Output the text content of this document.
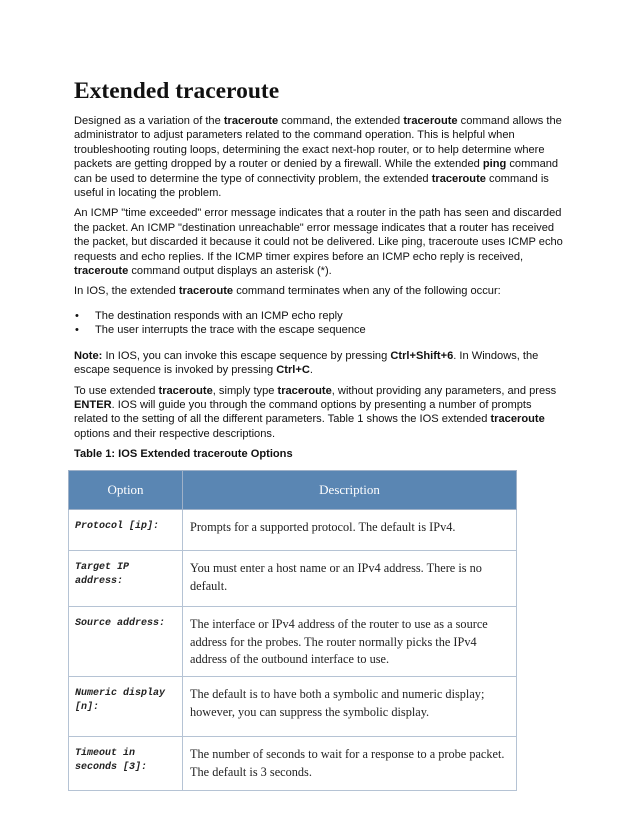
Extended traceroute

Designed as a variation of the traceroute command, the extended traceroute command allows the administrator to adjust parameters related to the command operation. This is helpful when troubleshooting routing loops, determining the exact next-hop router, or to help determine where packets are getting dropped by a router or denied by a firewall. While the extended ping command can be used to determine the type of connectivity problem, the extended traceroute command is useful in locating the problem.

An ICMP "time exceeded" error message indicates that a router in the path has seen and discarded the packet. An ICMP "destination unreachable" error message indicates that a router has received the packet, but discarded it because it could not be delivered. Like ping, traceroute uses ICMP echo requests and echo replies. If the ICMP timer expires before an ICMP echo reply is received, traceroute command output displays an asterisk (*).

In IOS, the extended traceroute command terminates when any of the following occur:

• The destination responds with an ICMP echo reply
• The user interrupts the trace with the escape sequence

Note: In IOS, you can invoke this escape sequence by pressing Ctrl+Shift+6. In Windows, the escape sequence is invoked by pressing Ctrl+C.

To use extended traceroute, simply type traceroute, without providing any parameters, and press ENTER. IOS will guide you through the command options by presenting a number of prompts related to the setting of all the different parameters. Table 1 shows the IOS extended traceroute options and their respective descriptions.

Table 1: IOS Extended traceroute Options
Option	Description
Protocol [ip]:	Prompts for a supported protocol. The default is IPv4.
Target IP address:	You must enter a host name or an IPv4 address. There is no default.
Source address:	The interface or IPv4 address of the router to use as a source address for the probes. The router normally picks the IPv4 address of the outbound interface to use.
Numeric display [n]:	The default is to have both a symbolic and numeric display; however, you can suppress the symbolic display.
Timeout in seconds [3]:	The number of seconds to wait for a response to a probe packet. The default is 3 seconds.
